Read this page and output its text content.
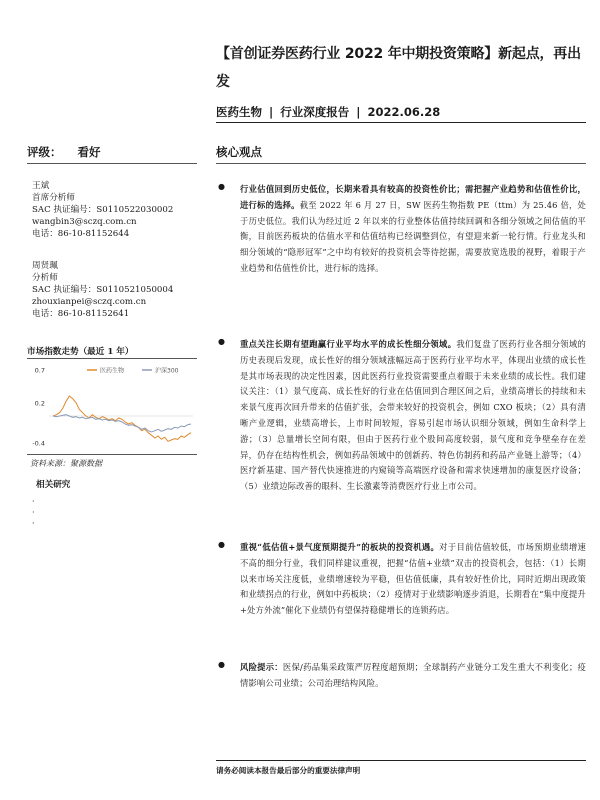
【首创证券医药行业 2022 年中期投资策略】新起点，再出发
医药生物 | 行业深度报告 | 2022.06.28
评级： 看好	核心观点
王斌
首席分析师
SAC 执证编号：S0110522030002
wangbin3@sczq.com.cn
电话：86-10-81152644
周贤珮
分析师
SAC 执证编号：S0110521050004
zhouxianpei@sczq.com.cn
电话：86-10-81152641
市场指数走势（最近 1 年）
0.7
0.2
-0.4
医药生物	沪深300
资料来源：聚源数据
相关研究
·
·
·
● 行业估值回到历史低位，长期来看具有较高的投资性价比；需把握产业趋势和估值性价比，进行标的选择。截至 2022 年 6 月 27 日，SW 医药生物指数 PE（ttm）为 25.46 倍，处于历史低位。我们认为经过近 2 年以来的行业整体估值持续回调和各细分领域之间估值的平衡，目前医药板块的估值水平和估值结构已经调整到位，有望迎来新一轮行情。行业龙头和细分领域的“隐形冠军”之中均有较好的投资机会等待挖掘，需要放宽选股的视野，着眼于产业趋势和估值性价比，进行标的选择。

● 重点关注长期有望跑赢行业平均水平的成长性细分领域。我们复盘了医药行业各细分领域的历史表现后发现，成长性好的细分领域涨幅远高于医药行业平均水平，体现出业绩的成长性是其市场表现的决定性因素，因此医药行业投资需要重点着眼于未来业绩的成长性。我们建议关注：（1）景气度高、成长性好的行业在估值回到合理区间之后，业绩高增长的持续和未来景气度再次回升带来的估值扩张，会带来较好的投资机会，例如 CXO 板块；（2）具有清晰产业逻辑，业绩高增长，上市时间较短，容易引起市场认识细分领域，例如生命科学上游；（3）总量增长空间有限，但由于医药行业个股间高度较弱，景气度和竞争壁垒存在差异，仍存在结构性机会，例如药品领域中的创新药、特色仿制药和药品产业链上游等；（4）医疗新基建、国产替代快速推进的内窥镜等高端医疗设备和需求快速增加的康复医疗设备；（5）业绩边际改善的眼科、生长激素等消费医疗行业上市公司。

● 重视“低估值+景气度预期提升”的板块的投资机遇。对于目前估值较低，市场预期业绩增速不高的细分行业，我们同样建议重视，把握“估值+业绩”双击的投资机会，包括：（1）长期以来市场关注度低，业绩增速较为平稳，但估值低廉，具有较好性价比，同时近期出现政策和业绩拐点的行业，例如中药板块；（2）疫情对于业绩影响逐步消退，长期看在“集中度提升+处方外流”催化下业绩仍有望保持稳健增长的连锁药店。

● 风险提示：医保/药品集采政策严厉程度超预期；全球制药产业链分工发生重大不利变化；疫情影响公司业绩；公司治理结构风险。

请务必阅读本报告最后部分的重要法律声明
